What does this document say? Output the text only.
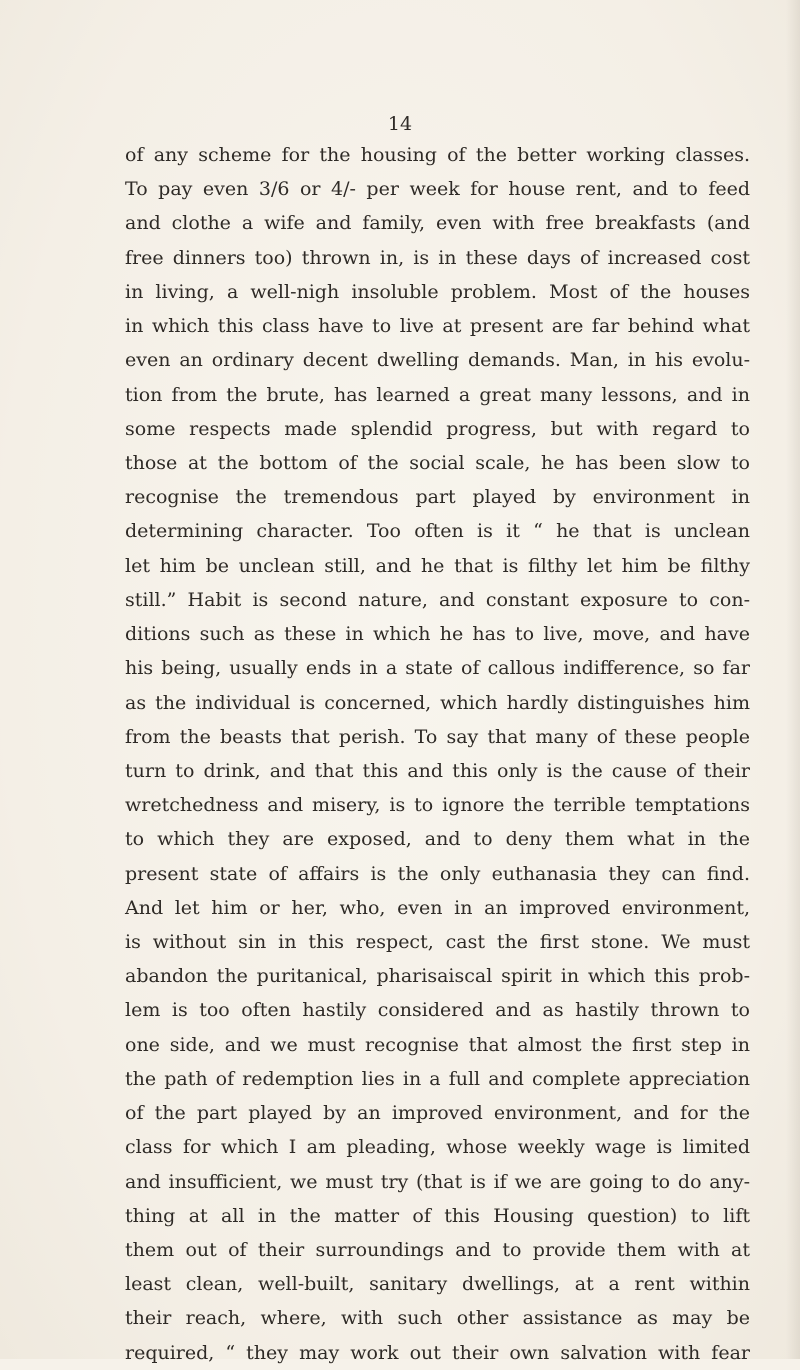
14

of any scheme for the housing of the better working classes.
To pay even 3/6 or 4/- per week for house rent, and to feed
and clothe a wife and family, even with free breakfasts (and
free dinners too) thrown in, is in these days of increased cost
in living, a well-nigh insoluble problem. Most of the houses
in which this class have to live at present are far behind what
even an ordinary decent dwelling demands. Man, in his evolu-
tion from the brute, has learned a great many lessons, and in
some respects made splendid progress, but with regard to
those at the bottom of the social scale, he has been slow to
recognise the tremendous part played by environment in
determining character. Too often is it “ he that is unclean
let him be unclean still, and he that is filthy let him be filthy
still.” Habit is second nature, and constant exposure to con-
ditions such as these in which he has to live, move, and have
his being, usually ends in a state of callous indifference, so far
as the individual is concerned, which hardly distinguishes him
from the beasts that perish. To say that many of these people
turn to drink, and that this and this only is the cause of their
wretchedness and misery, is to ignore the terrible temptations
to which they are exposed, and to deny them what in the
present state of affairs is the only euthanasia they can find.
And let him or her, who, even in an improved environment,
is without sin in this respect, cast the first stone. We must
abandon the puritanical, pharisaiscal spirit in which this prob-
lem is too often hastily considered and as hastily thrown to
one side, and we must recognise that almost the first step in
the path of redemption lies in a full and complete appreciation
of the part played by an improved environment, and for the
class for which I am pleading, whose weekly wage is limited
and insufficient, we must try (that is if we are going to do any-
thing at all in the matter of this Housing question) to lift
them out of their surroundings and to provide them with at
least clean, well-built, sanitary dwellings, at a rent within
their reach, where, with such other assistance as may be
required, “ they may work out their own salvation with fear
